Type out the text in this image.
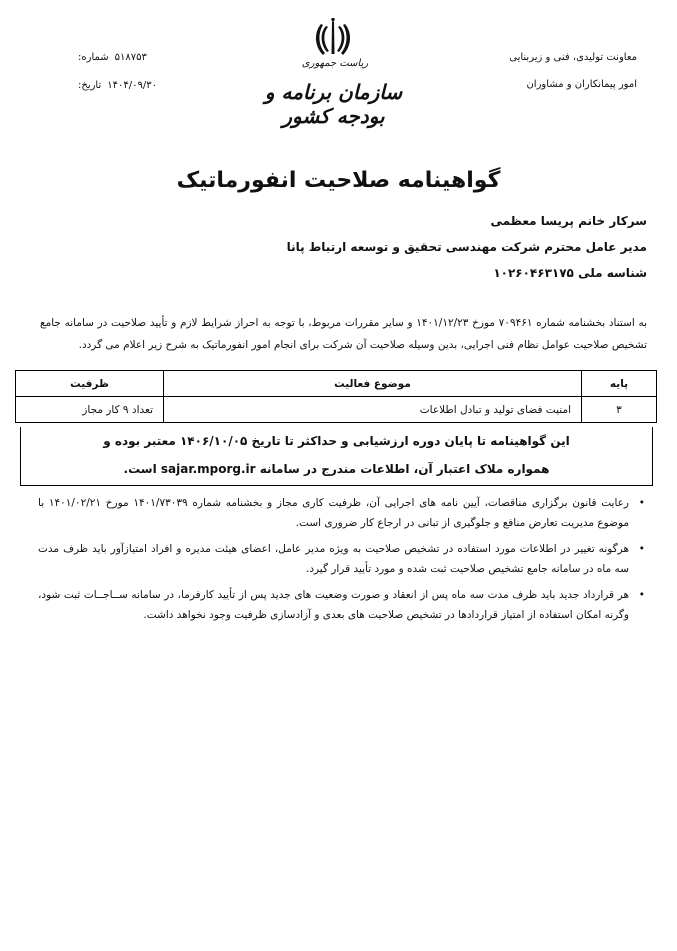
معاونت تولیدی، فنی و زیربنایی
امور پیمانکاران و مشاوران
شماره: ۵۱۸۷۵۳
تاریخ: ۱۴۰۴/۰۹/۳۰
ریاست جمهوری
سازمان برنامه و بودجه کشور
گواهینامه صلاحیت انفورماتیک
سرکار خانم پریسا معظمی
مدیر عامل محترم شرکت مهندسی تحقیق و توسعه ارتباط پانا
شناسه ملی ۱۰۲۶۰۴۶۳۱۷۵
به استناد بخشنامه شماره ۷۰۹۴۶۱ مورخ ۱۴۰۱/۱۲/۲۳ و سایر مقررات مربوط، با توجه به احراز شرایط لازم و تأیید صلاحیت در سامانه جامع تشخیص صلاحیت عوامل نظام فنی اجرایی، بدین وسیله صلاحیت آن شرکت برای انجام امور انفورماتیک به شرح زیر اعلام می گردد.
پایه	موضوع فعالیت	ظرفیت
۳	امنیت فضای تولید و تبادل اطلاعات	تعداد ۹ کار مجاز
این گواهینامه تا پایان دوره ارزشیابی و حداکثر تا تاریخ ۱۴۰۶/۱۰/۰۵ معتبر بوده و
همواره ملاک اعتبار آن، اطلاعات مندرج در سامانه sajar.mporg.ir است.
•
رعایت قانون برگزاری مناقصات، آیین نامه های اجرایی آن، ظرفیت کاری مجاز و بخشنامه شماره ۱۴۰۱/۷۳۰۳۹ مورخ ۱۴۰۱/۰۲/۲۱ با موضوع مدیریت تعارض منافع و جلوگیری از تبانی در ارجاع کار ضروری است.
•
هرگونه تغییر در اطلاعات مورد استفاده در تشخیص صلاحیت به ویژه مدیر عامل، اعضای هیئت مدیره و افراد امتیازآور باید ظرف مدت سه ماه در سامانه جامع تشخیص صلاحیت ثبت شده و مورد تأیید قرار گیرد.
•
هر قرارداد جدید باید ظرف مدت سه ماه پس از انعقاد و صورت وضعیت های جدید پس از تأیید کارفرما، در سامانه ســاجــات ثبت شود، وگرنه امکان استفاده از امتیاز قراردادها در تشخیص صلاحیت های بعدی و آزادسازی ظرفیت وجود نخواهد داشت.
